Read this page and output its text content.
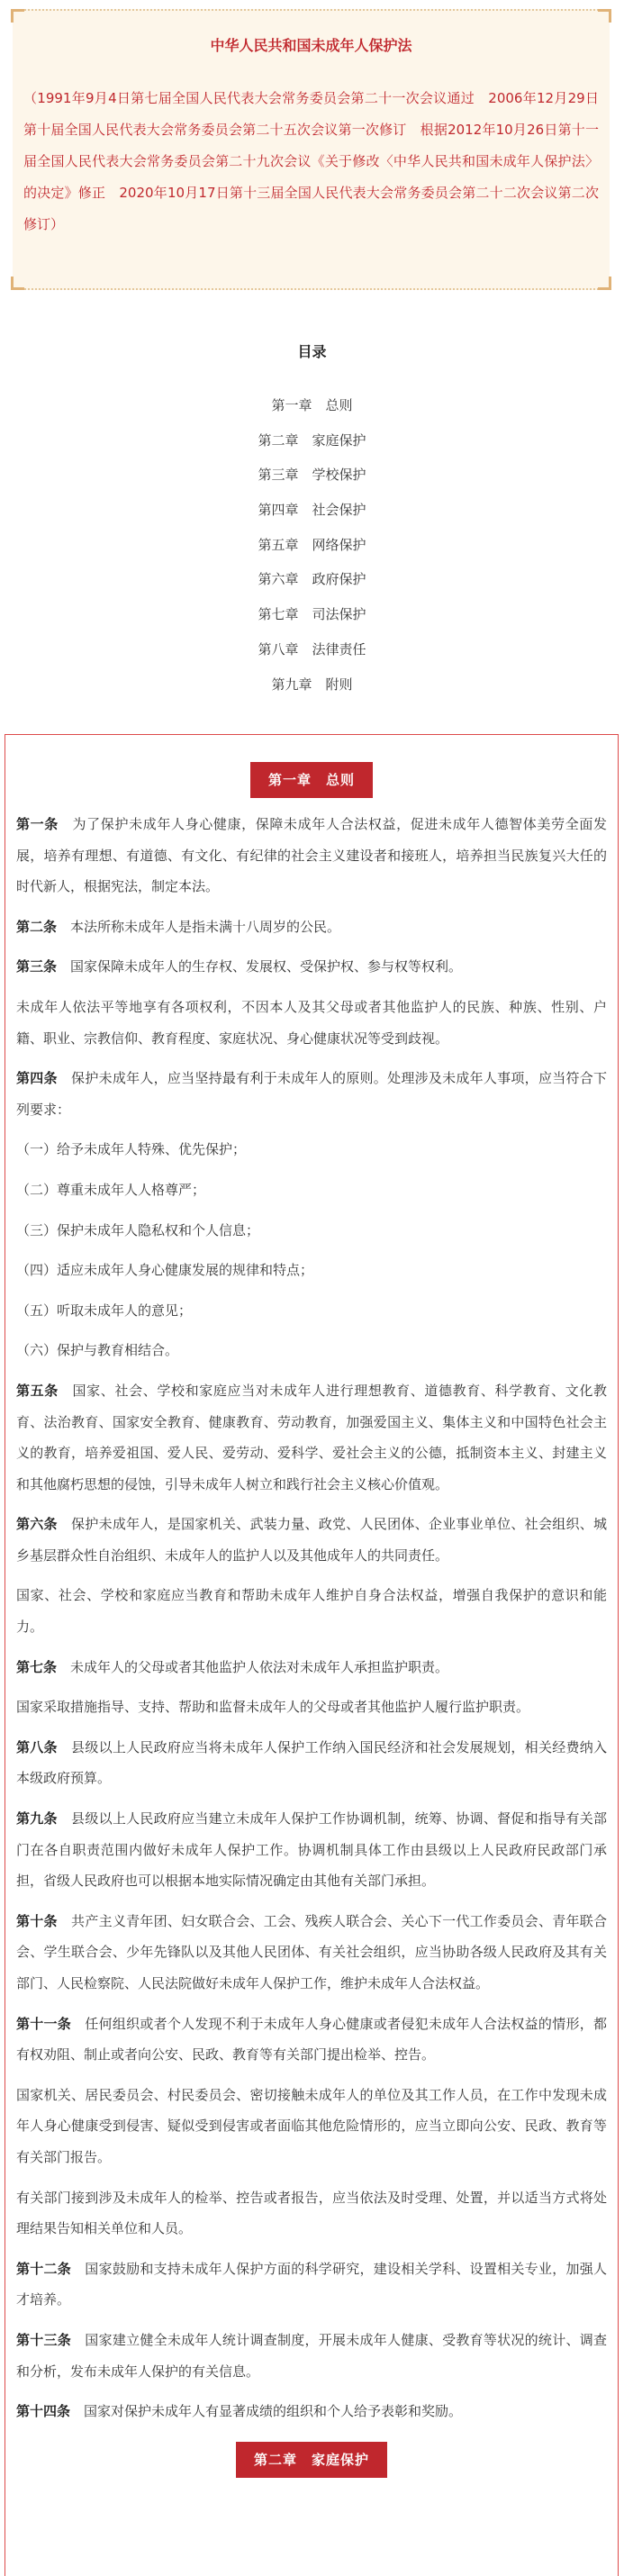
中华人民共和国未成年人保护法
（1991年9月4日第七届全国人民代表大会常务委员会第二十一次会议通过　2006年12月29日第十届全国人民代表大会常务委员会第二十五次会议第一次修订　根据2012年10月26日第十一届全国人民代表大会常务委员会第二十九次会议《关于修改〈中华人民共和国未成年人保护法〉的决定》修正　2020年10月17日第十三届全国人民代表大会常务委员会第二十二次会议第二次修订）
目录
第一章　总则
第二章　家庭保护
第三章　学校保护
第四章　社会保护
第五章　网络保护
第六章　政府保护
第七章　司法保护
第八章　法律责任
第九章　附则
第一章　总则

第一条　为了保护未成年人身心健康，保障未成年人合法权益，促进未成年人德智体美劳全面发展，培养有理想、有道德、有文化、有纪律的社会主义建设者和接班人，培养担当民族复兴大任的时代新人，根据宪法，制定本法。

第二条　本法所称未成年人是指未满十八周岁的公民。

第三条　国家保障未成年人的生存权、发展权、受保护权、参与权等权利。

未成年人依法平等地享有各项权利，不因本人及其父母或者其他监护人的民族、种族、性别、户籍、职业、宗教信仰、教育程度、家庭状况、身心健康状况等受到歧视。

第四条　保护未成年人，应当坚持最有利于未成年人的原则。处理涉及未成年人事项，应当符合下列要求：

（一）给予未成年人特殊、优先保护；

（二）尊重未成年人人格尊严；

（三）保护未成年人隐私权和个人信息；

（四）适应未成年人身心健康发展的规律和特点；

（五）听取未成年人的意见；

（六）保护与教育相结合。

第五条　国家、社会、学校和家庭应当对未成年人进行理想教育、道德教育、科学教育、文化教育、法治教育、国家安全教育、健康教育、劳动教育，加强爱国主义、集体主义和中国特色社会主义的教育，培养爱祖国、爱人民、爱劳动、爱科学、爱社会主义的公德，抵制资本主义、封建主义和其他腐朽思想的侵蚀，引导未成年人树立和践行社会主义核心价值观。

第六条　保护未成年人，是国家机关、武装力量、政党、人民团体、企业事业单位、社会组织、城乡基层群众性自治组织、未成年人的监护人以及其他成年人的共同责任。

国家、社会、学校和家庭应当教育和帮助未成年人维护自身合法权益，增强自我保护的意识和能力。

第七条　未成年人的父母或者其他监护人依法对未成年人承担监护职责。

国家采取措施指导、支持、帮助和监督未成年人的父母或者其他监护人履行监护职责。

第八条　县级以上人民政府应当将未成年人保护工作纳入国民经济和社会发展规划，相关经费纳入本级政府预算。

第九条　县级以上人民政府应当建立未成年人保护工作协调机制，统筹、协调、督促和指导有关部门在各自职责范围内做好未成年人保护工作。协调机制具体工作由县级以上人民政府民政部门承担，省级人民政府也可以根据本地实际情况确定由其他有关部门承担。

第十条　共产主义青年团、妇女联合会、工会、残疾人联合会、关心下一代工作委员会、青年联合会、学生联合会、少年先锋队以及其他人民团体、有关社会组织，应当协助各级人民政府及其有关部门、人民检察院、人民法院做好未成年人保护工作，维护未成年人合法权益。

第十一条　任何组织或者个人发现不利于未成年人身心健康或者侵犯未成年人合法权益的情形，都有权劝阻、制止或者向公安、民政、教育等有关部门提出检举、控告。

国家机关、居民委员会、村民委员会、密切接触未成年人的单位及其工作人员，在工作中发现未成年人身心健康受到侵害、疑似受到侵害或者面临其他危险情形的，应当立即向公安、民政、教育等有关部门报告。

有关部门接到涉及未成年人的检举、控告或者报告，应当依法及时受理、处置，并以适当方式将处理结果告知相关单位和人员。

第十二条　国家鼓励和支持未成年人保护方面的科学研究，建设相关学科、设置相关专业，加强人才培养。

第十三条　国家建立健全未成年人统计调查制度，开展未成年人健康、受教育等状况的统计、调查和分析，发布未成年人保护的有关信息。

第十四条　国家对保护未成年人有显著成绩的组织和个人给予表彰和奖励。

第二章　家庭保护
